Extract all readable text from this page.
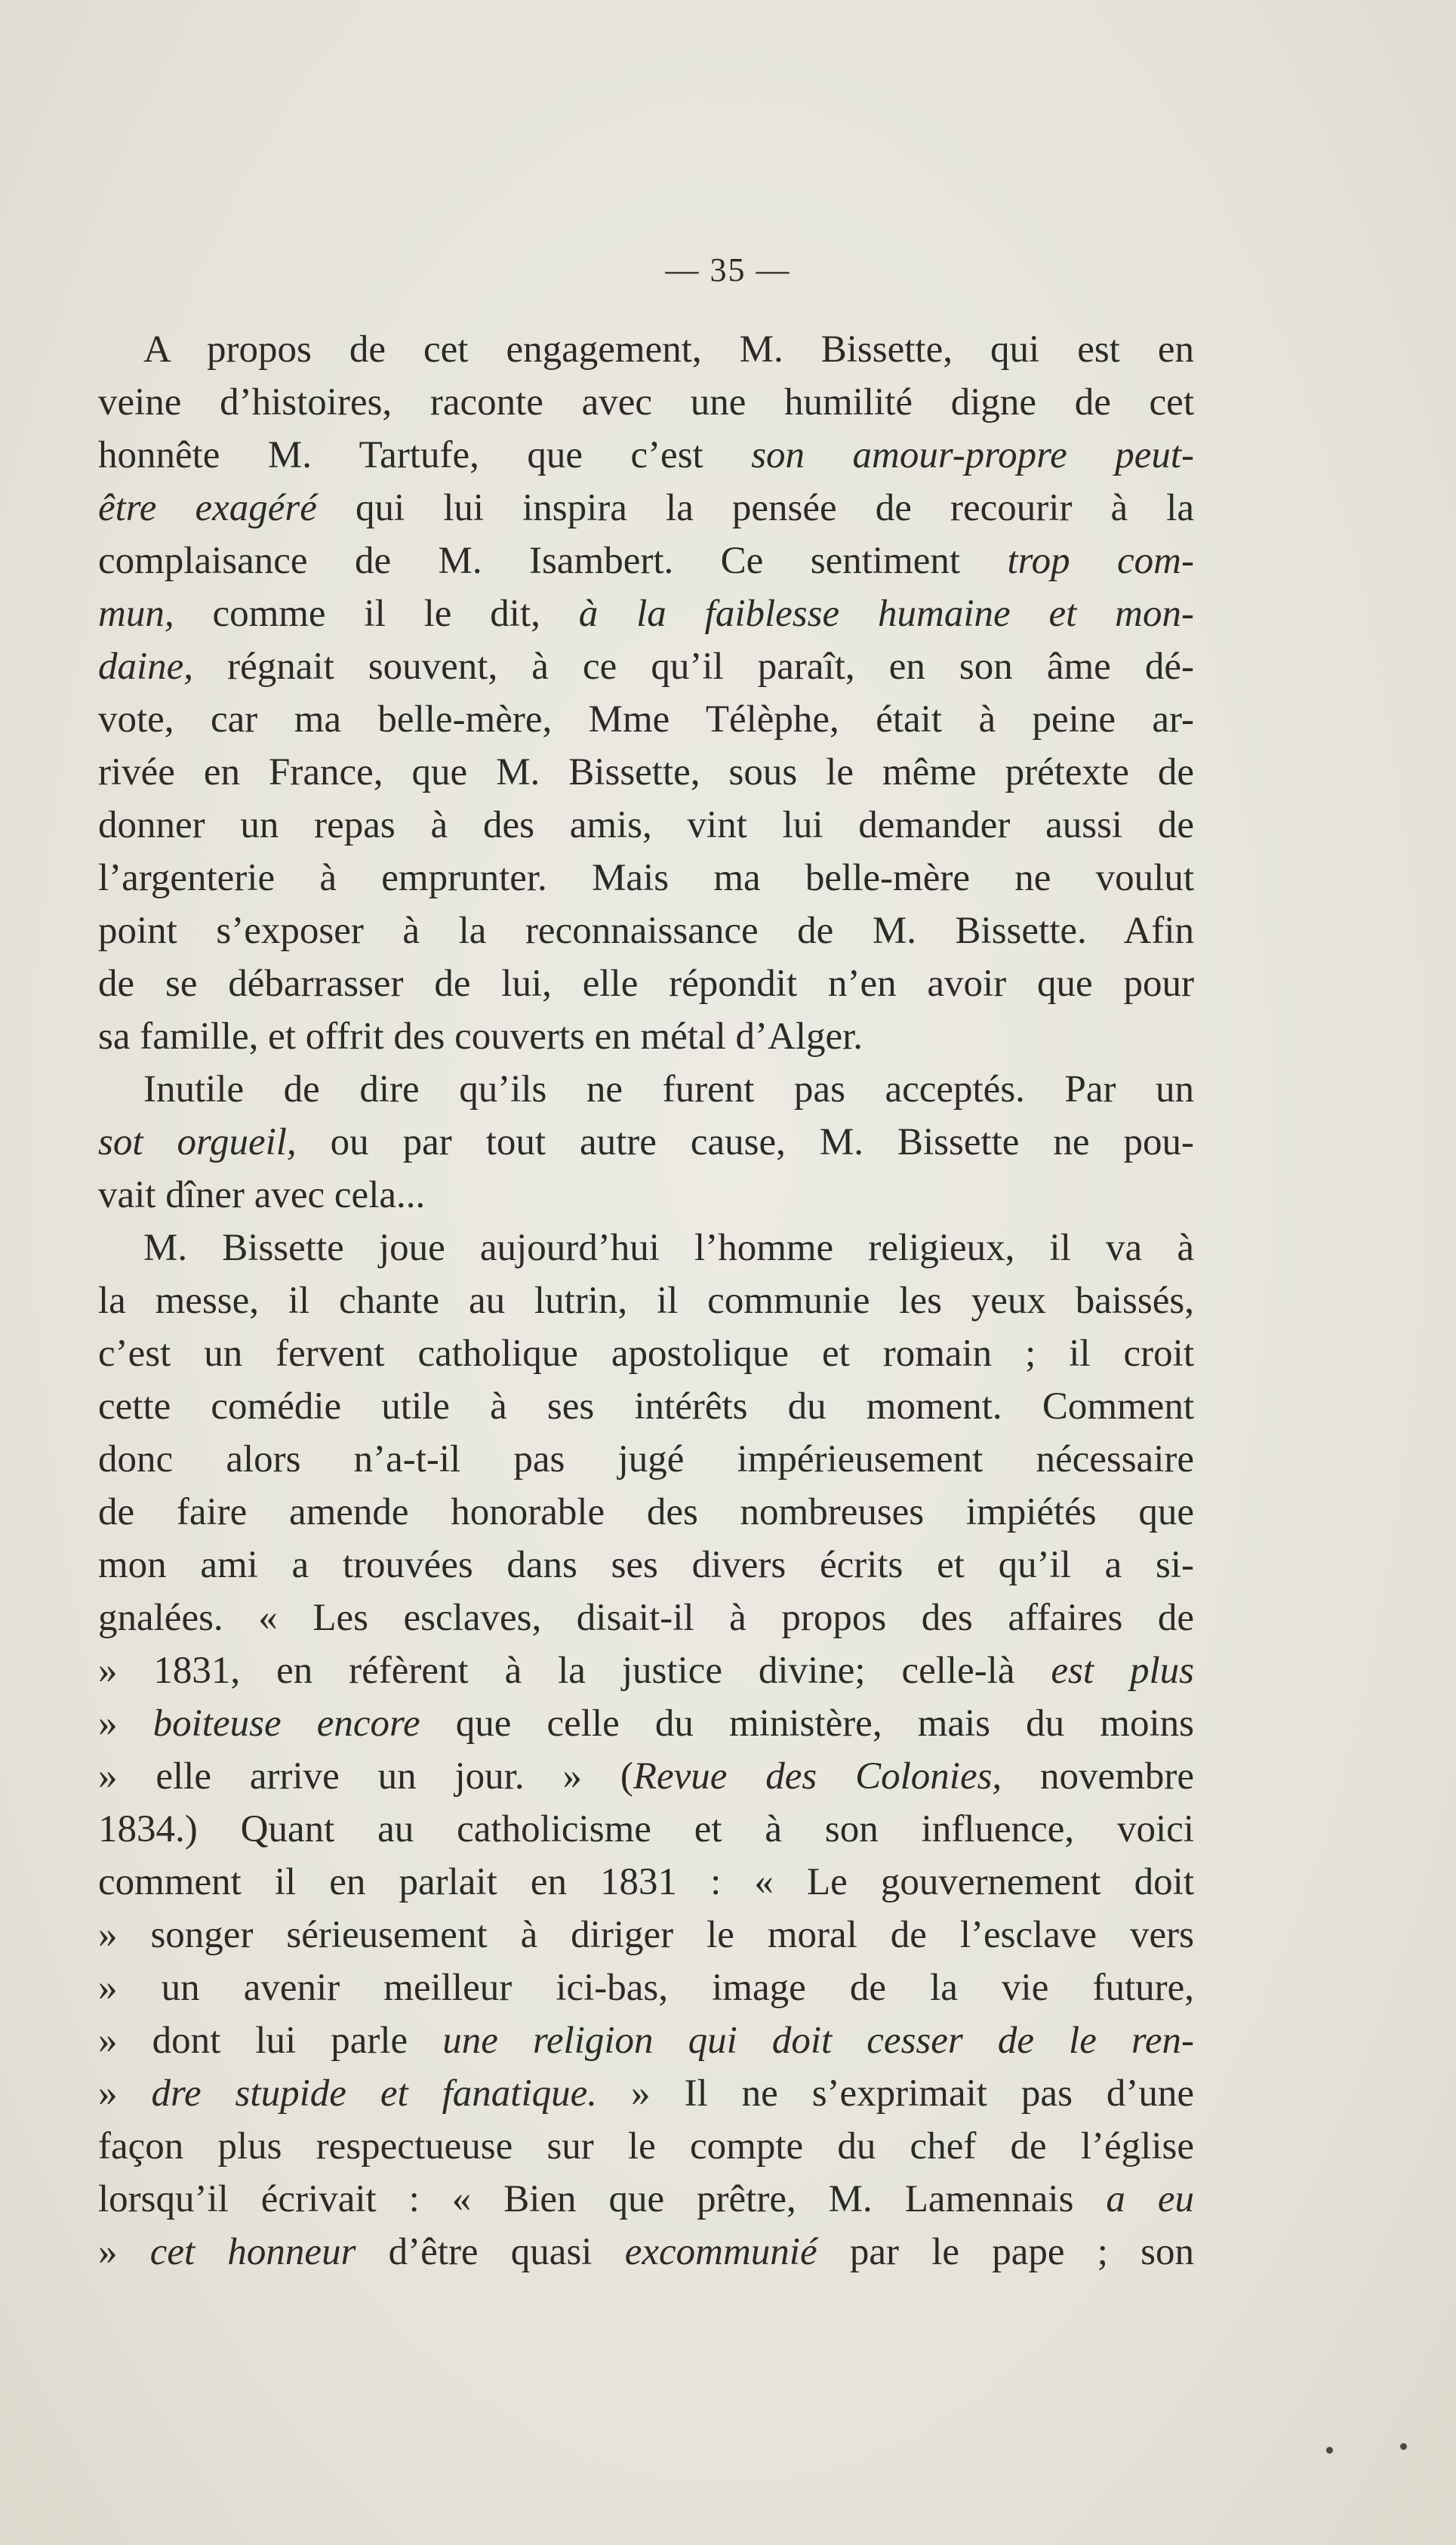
— 35 —
A propos de cet engagement, M. Bissette, qui est en
veine d’histoires, raconte avec une humilité digne de cet
honnête M. Tartufe, que c’est son amour-propre peut-
être exagéré qui lui inspira la pensée de recourir à la
complaisance de M. Isambert. Ce sentiment trop com-
mun, comme il le dit, à la faiblesse humaine et mon-
daine, régnait souvent, à ce qu’il paraît, en son âme dé-
vote, car ma belle-mère, Mme Télèphe, était à peine ar-
rivée en France, que M. Bissette, sous le même prétexte de
donner un repas à des amis, vint lui demander aussi de
l’argenterie à emprunter. Mais ma belle-mère ne voulut
point s’exposer à la reconnaissance de M. Bissette. Afin
de se débarrasser de lui, elle répondit n’en avoir que pour
sa famille, et offrit des couverts en métal d’Alger.
Inutile de dire qu’ils ne furent pas acceptés. Par un
sot orgueil, ou par tout autre cause, M. Bissette ne pou-
vait dîner avec cela...
M. Bissette joue aujourd’hui l’homme religieux, il va à
la messe, il chante au lutrin, il communie les yeux baissés,
c’est un fervent catholique apostolique et romain ; il croit
cette comédie utile à ses intérêts du moment. Comment
donc alors n’a-t-il pas jugé impérieusement nécessaire
de faire amende honorable des nombreuses impiétés que
mon ami a trouvées dans ses divers écrits et qu’il a si-
gnalées. « Les esclaves, disait-il à propos des affaires de
» 1831, en réfèrent à la justice divine; celle-là est plus
» boiteuse encore que celle du ministère, mais du moins
» elle arrive un jour. » (Revue des Colonies, novembre
1834.) Quant au catholicisme et à son influence, voici
comment il en parlait en 1831 : « Le gouvernement doit
» songer sérieusement à diriger le moral de l’esclave vers
» un avenir meilleur ici-bas, image de la vie future,
» dont lui parle une religion qui doit cesser de le ren-
» dre stupide et fanatique. » Il ne s’exprimait pas d’une
façon plus respectueuse sur le compte du chef de l’église
lorsqu’il écrivait : « Bien que prêtre, M. Lamennais a eu
» cet honneur d’être quasi excommunié par le pape ; son
